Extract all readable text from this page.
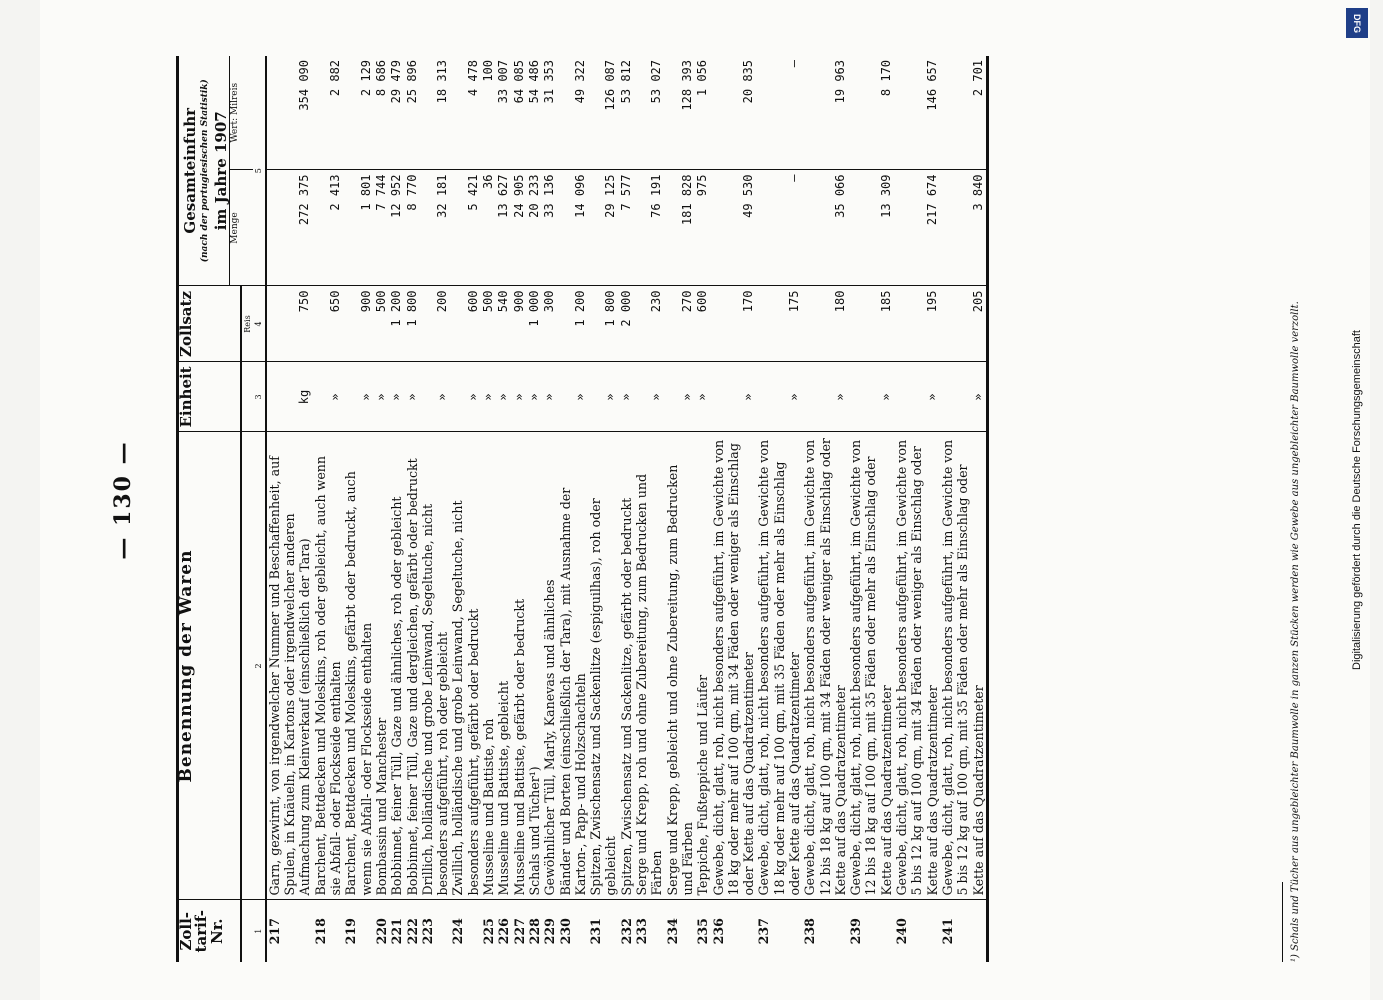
— 130 —
Zoll-tarif-Nr.	Benennung der Waren	Einheit	Zollsatz	Gesamteinfuhr (nach der portugiesischen Statistik) im Jahre 1907	

				Menge	Wert: Milreis
			Reis		
1	2	3	4	5	
217	Garn, gezwirnt, von irgendwelcher Nummer und Beschaffenheit, auf Spulen, in Knäueln, in Kartons oder irgendwelcher anderen Aufmachung zum Kleinverkauf (einschließlich der Tara)	kg	750	272 375	354 090
218	Barchent, Bettdecken und Moleskins, roh oder gebleicht, auch wenn sie Abfall- oder Flockseide enthalten	»	650	2 413	2 882
219	Barchent, Bettdecken und Moleskins, gefärbt oder bedruckt, auch wenn sie Abfall- oder Flockseide enthalten	»	900	1 801	2 129
220	Bombassin und Manchester	»	500	7 744	8 686
221	Bobbinnet, feiner Tüll, Gaze und ähnliches, roh oder gebleicht	»	1 200	12 952	29 479
222	Bobbinnet, feiner Tüll, Gaze und dergleichen, gefärbt oder bedruckt	»	1 800	8 770	25 896
223	Drillich, holländische und grobe Leinwand, Segeltuche, nicht besonders aufgeführt, roh oder gebleicht	»	200	32 181	18 313
224	Zwillich, holländische und grobe Leinwand, Segeltuche, nicht besonders aufgeführt, gefärbt oder bedruckt	»	600	5 421	4 478
225	Musseline und Battiste, roh	»	500	36	100
226	Musseline und Battiste, gebleicht	»	540	13 627	33 007
227	Musseline und Battiste, gefärbt oder bedruckt	»	900	24 905	64 085
228	Schals und Tücher¹)	»	1 000	20 233	54 486
229	Gewöhnlicher Tüll, Marly, Kanevas und ähnliches	»	300	33 136	31 353
230	Bänder und Borten (einschließlich der Tara), mit Ausnahme der Karton-, Papp- und Holzschachteln	»	1 200	14 096	49 322
231	Spitzen, Zwischensatz und Sackenlitze (espiguilhas), roh oder gebleicht	»	1 800	29 125	126 087
232	Spitzen, Zwischensatz und Sackenlitze, gefärbt oder bedruckt	»	2 000	7 577	53 812
233	Serge und Krepp, roh und ohne Zubereitung, zum Bedrucken und Färben	»	230	76 191	53 027
234	Serge und Krepp, gebleicht und ohne Zubereitung, zum Bedrucken und Färben	»	270	181 828	128 393
235	Teppiche, Fußteppiche und Läufer	»	600	975	1 056
236	Gewebe, dicht, glatt, roh, nicht besonders aufgeführt, im Gewichte von 18 kg oder mehr auf 100 qm, mit 34 Fäden oder weniger als Einschlag oder Kette auf das Quadratzentimeter	»	170	49 530	20 835
237	Gewebe, dicht, glatt, roh, nicht besonders aufgeführt, im Gewichte von 18 kg oder mehr auf 100 qm, mit 35 Fäden oder mehr als Einschlag oder Kette auf das Quadratzentimeter	»	175	—	—
238	Gewebe, dicht, glatt, roh, nicht besonders aufgeführt, im Gewichte von 12 bis 18 kg auf 100 qm, mit 34 Fäden oder weniger als Einschlag oder Kette auf das Quadratzentimeter	»	180	35 066	19 963
239	Gewebe, dicht, glatt, roh, nicht besonders aufgeführt, im Gewichte von 12 bis 18 kg auf 100 qm, mit 35 Fäden oder mehr als Einschlag oder Kette auf das Quadratzentimeter	»	185	13 309	8 170
240	Gewebe, dicht, glatt, roh, nicht besonders aufgeführt, im Gewichte von 5 bis 12 kg auf 100 qm, mit 34 Fäden oder weniger als Einschlag oder Kette auf das Quadratzentimeter	»	195	217 674	146 657
241	Gewebe, dicht, glatt, roh, nicht besonders aufgeführt, im Gewichte von 5 bis 12 kg auf 100 qm, mit 35 Fäden oder mehr als Einschlag oder Kette auf das Quadratzentimeter	»	205	3 840	2 701

¹) Schals und Tücher aus ungebleichter Baumwolle in ganzen Stücken werden wie Gewebe aus ungebleichter Baumwolle verzollt.	Digitalisierung gefördert durch die Deutsche Forschungsgemeinschaft
DFG
